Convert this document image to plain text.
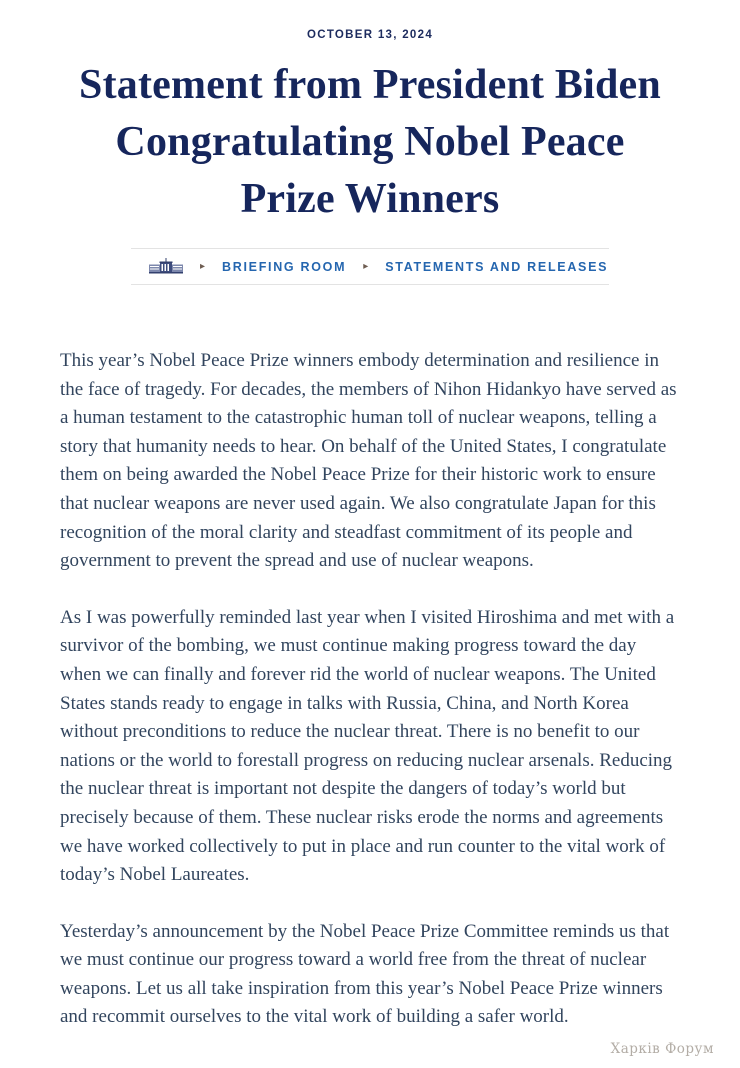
OCTOBER 13, 2024
Statement from President Biden
Congratulating Nobel Peace
Prize Winners
▸ BRIEFING ROOM ▸ STATEMENTS AND RELEASES

This year’s Nobel Peace Prize winners embody determination and resilience in the face of tragedy. For decades, the members of Nihon Hidankyo have served as a human testament to the catastrophic human toll of nuclear weapons, telling a story that humanity needs to hear. On behalf of the United States, I congratulate them on being awarded the Nobel Peace Prize for their historic work to ensure that nuclear weapons are never used again. We also congratulate Japan for this recognition of the moral clarity and steadfast commitment of its people and government to prevent the spread and use of nuclear weapons.

As I was powerfully reminded last year when I visited Hiroshima and met with a survivor of the bombing, we must continue making progress toward the day when we can finally and forever rid the world of nuclear weapons. The United States stands ready to engage in talks with Russia, China, and North Korea without preconditions to reduce the nuclear threat. There is no benefit to our nations or the world to forestall progress on reducing nuclear arsenals. Reducing the nuclear threat is important not despite the dangers of today’s world but precisely because of them. These nuclear risks erode the norms and agreements we have worked collectively to put in place and run counter to the vital work of today’s Nobel Laureates.

Yesterday’s announcement by the Nobel Peace Prize Committee reminds us that we must continue our progress toward a world free from the threat of nuclear weapons. Let us all take inspiration from this year’s Nobel Peace Prize winners and recommit ourselves to the vital work of building a safer world.

Харків Форум
